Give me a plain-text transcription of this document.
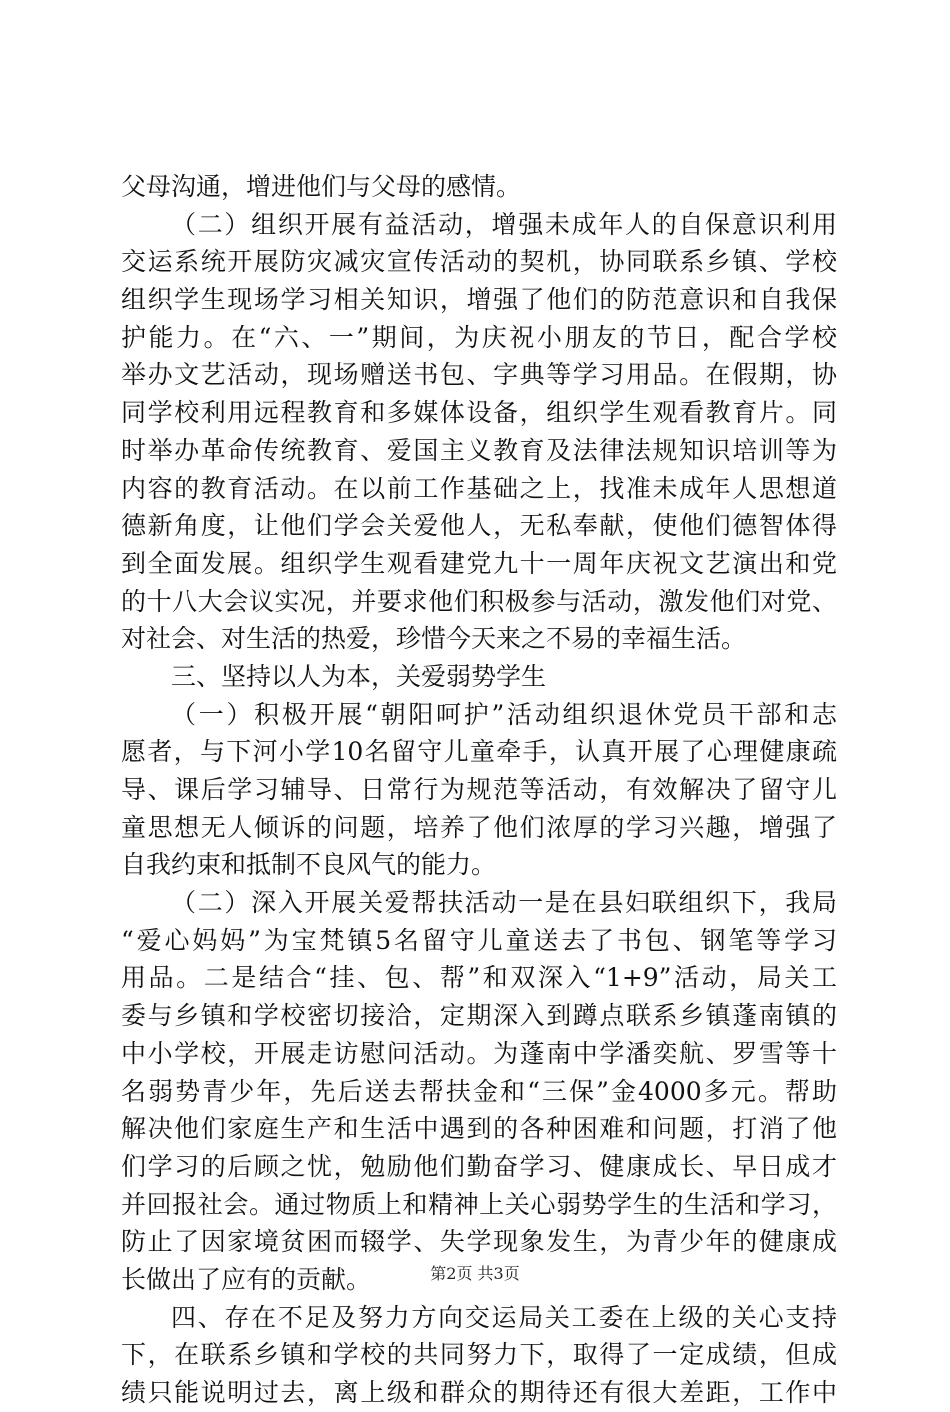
父母沟通，增进他们与父母的感情。
（二）组织开展有益活动，增强未成年人的自保意识利用
交运系统开展防灾减灾宣传活动的契机，协同联系乡镇、学校
组织学生现场学习相关知识，增强了他们的防范意识和自我保
护能力。在“六、一”期间，为庆祝小朋友的节日，配合学校
举办文艺活动，现场赠送书包、字典等学习用品。在假期，协
同学校利用远程教育和多媒体设备，组织学生观看教育片。同
时举办革命传统教育、爱国主义教育及法律法规知识培训等为
内容的教育活动。在以前工作基础之上，找准未成年人思想道
德新角度，让他们学会关爱他人，无私奉献，使他们德智体得
到全面发展。组织学生观看建党九十一周年庆祝文艺演出和党
的十八大会议实况，并要求他们积极参与活动，激发他们对党、
对社会、对生活的热爱，珍惜今天来之不易的幸福生活。
三、坚持以人为本，关爱弱势学生
（一）积极开展“朝阳呵护”活动组织退休党员干部和志
愿者，与下河小学10名留守儿童牵手，认真开展了心理健康疏
导、课后学习辅导、日常行为规范等活动，有效解决了留守儿
童思想无人倾诉的问题，培养了他们浓厚的学习兴趣，增强了
自我约束和抵制不良风气的能力。
（二）深入开展关爱帮扶活动一是在县妇联组织下，我局
“爱心妈妈”为宝梵镇5名留守儿童送去了书包、钢笔等学习
用品。二是结合“挂、包、帮”和双深入“1+9”活动，局关工
委与乡镇和学校密切接洽，定期深入到蹲点联系乡镇蓬南镇的
中小学校，开展走访慰问活动。为蓬南中学潘奕航、罗雪等十
名弱势青少年，先后送去帮扶金和“三保”金4000多元。帮助
解决他们家庭生产和生活中遇到的各种困难和问题，打消了他
们学习的后顾之忧，勉励他们勤奋学习、健康成长、早日成才
并回报社会。通过物质上和精神上关心弱势学生的生活和学习，
防止了因家境贫困而辍学、失学现象发生，为青少年的健康成
长做出了应有的贡献。
四、存在不足及努力方向交运局关工委在上级的关心支持
下，在联系乡镇和学校的共同努力下，取得了一定成绩，但成
绩只能说明过去，离上级和群众的期待还有很大差距，工作中
第2页 共3页
